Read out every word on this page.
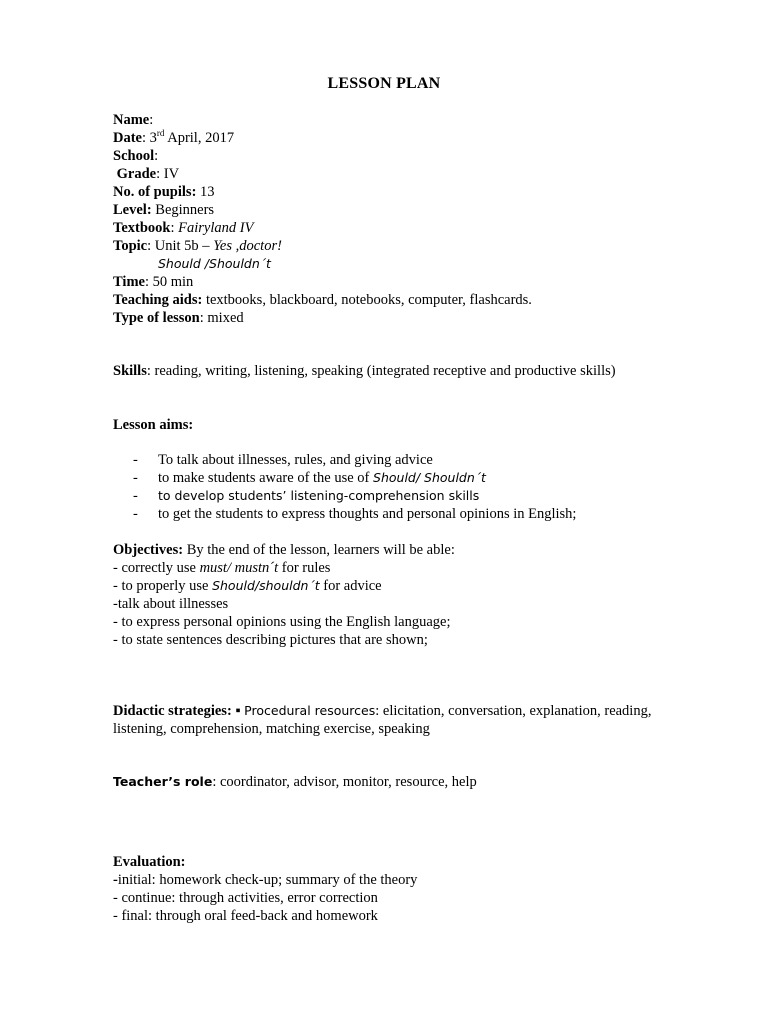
LESSON PLAN
Name:
Date: 3rd April, 2017
School:
Grade: IV
No. of pupils: 13
Level: Beginners
Textbook: Fairyland IV
Topic: Unit 5b – Yes ,doctor!
Should /Shouldn´t
Time: 50 min
Teaching aids: textbooks, blackboard, notebooks, computer, flashcards.
Type of lesson: mixed
Skills: reading, writing, listening, speaking (integrated receptive and productive skills)
Lesson aims:
- To talk about illnesses, rules, and giving advice
- to make students aware of the use of Should/ Shouldn´t
- to develop students’ listening-comprehension skills
- to get the students to express thoughts and personal opinions in English;
Objectives: By the end of the lesson, learners will be able:
- correctly use must/ mustn´t for rules
- to properly use Should/shouldn´t for advice
-talk about illnesses
- to express personal opinions using the English language;
- to state sentences describing pictures that are shown;
Didactic strategies: ▪ Procedural resources: elicitation, conversation, explanation, reading, listening, comprehension, matching exercise, speaking
Teacher’s role: coordinator, advisor, monitor, resource, help
Evaluation:
-initial: homework check-up; summary of the theory
- continue: through activities, error correction
- final: through oral feed-back and homework
